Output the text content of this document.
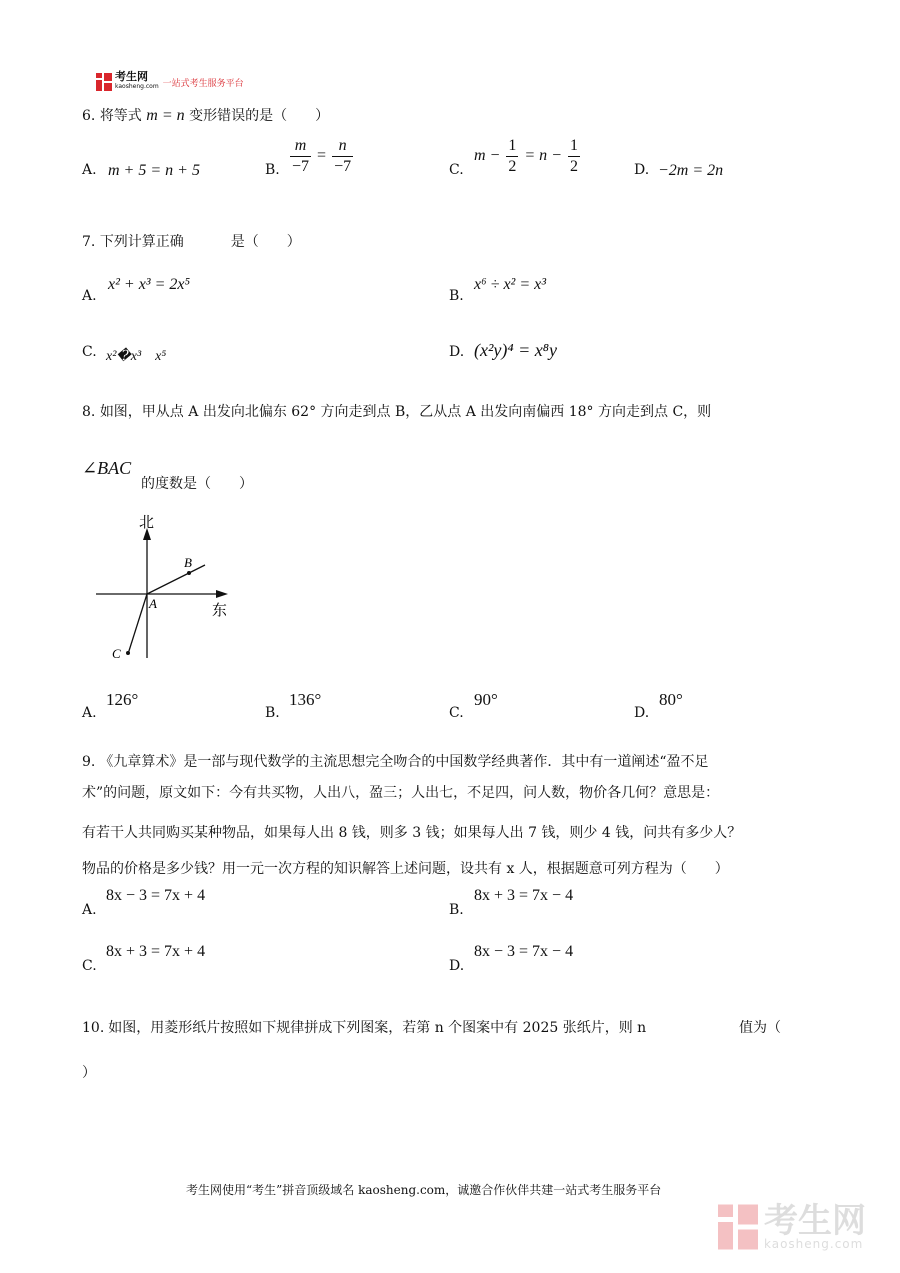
考生网
kaosheng.com 一站式考生服务平台
6. 将等式 m = n 变形错误的是（　　）
A. m + 5 = n + 5	B. $\frac{m}{-7} = \frac{n}{-7}$	C.
$m - \frac{1}{2} = n - \frac{1}{2}$	D. −2m = 2n
7. 下列计算正确	是（　　）
A.
x² + x³ = 2x⁵
B.
x⁶ ÷ x² = x³
C. x²�x³　x⁵	D. (x²y)⁴ = x⁸y
8. 如图，甲从点 A 出发向北偏东 62° 方向走到点 B，乙从点 A 出发向南偏西 18° 方向走到点 C，则
∠BAC
的度数是（　　）
北
东
A
B
C
A.
126°
B.
136°
C.
90°
D.
80°
9. 《九章算术》是一部与现代数学的主流思想完全吻合的中国数学经典著作．其中有一道阐述“盈不足
术”的问题，原文如下：今有共买物，人出八，盈三；人出七，不足四，问人数，物价各几何？意思是：
有若干人共同购买某种物品，如果每人出 8 钱，则多 3 钱；如果每人出 7 钱，则少 4 钱，问共有多少人？
物品的价格是多少钱？用一元一次方程的知识解答上述问题，设共有 x 人，根据题意可列方程为（　　）
A.
8x − 3 = 7x + 4
B.
8x + 3 = 7x − 4
C.
8x + 3 = 7x + 4
D.
8x − 3 = 7x − 4
10. 如图，用菱形纸片按照如下规律拼成下列图案，若第 n 个图案中有 2025 张纸片，则 n	值为（
）
考生网使用“考生”拼音顶级域名 kaosheng.com，诚邀合作伙伴共建一站式考生服务平台
考生网
kaosheng.com
